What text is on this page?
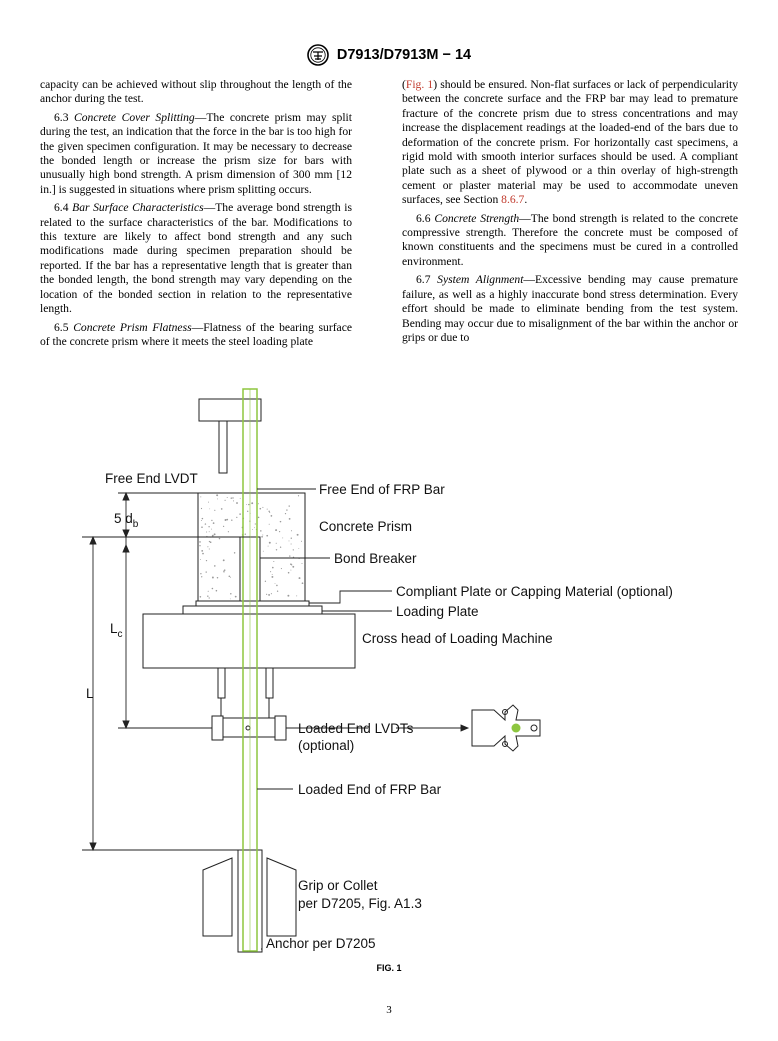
D7913/D7913M − 14

capacity can be achieved without slip throughout the length of the anchor during the test.

6.3 Concrete Cover Splitting—The concrete prism may split during the test, an indication that the force in the bar is too high for the given specimen configuration. It may be necessary to decrease the bonded length or increase the prism size for bars with unusually high bond strength. A prism dimension of 300 mm [12 in.] is suggested in situations where prism splitting occurs.

6.4 Bar Surface Characteristics—The average bond strength is related to the surface characteristics of the bar. Modifications to this texture are likely to affect bond strength and any such modifications made during specimen preparation should be reported. If the bar has a representative length that is greater than the bonded length, the bond strength may vary depending on the location of the bonded section in relation to the representative length.

6.5 Concrete Prism Flatness—Flatness of the bearing surface of the concrete prism where it meets the steel loading plate

(Fig. 1) should be ensured. Non-flat surfaces or lack of perpendicularity between the concrete surface and the FRP bar may lead to premature fracture of the concrete prism due to stress concentrations and may increase the displacement readings at the loaded-end of the bars due to deformation of the concrete prism. For horizontally cast specimens, a rigid mold with smooth interior surfaces should be used. A compliant plate such as a sheet of plywood or a thin overlay of high-strength cement or plaster material may be used to accommodate uneven surfaces, see Section 8.6.7.

6.6 Concrete Strength—The bond strength is related to the concrete compressive strength. Therefore the concrete must be composed of known constituents and the specimens must be cured in a controlled environment.

6.7 System Alignment—Excessive bending may cause premature failure, as well as a highly inaccurate bond stress determination. Every effort should be made to eliminate bending from the test system. Bending may occur due to misalignment of the bar within the anchor or grips or due to

Free End LVDT
Free End of FRP Bar
5 $d_b$	Concrete Prism
Bond Breaker
Compliant Plate or Capping Material (optional)
Loading Plate
$L_c$	Cross head of Loading Machine
L
Loaded End LVDTs
(optional)
Loaded End of FRP Bar
Grip or Collet
per D7205, Fig. A1.3
Anchor per D7205
FIG. 1
3
